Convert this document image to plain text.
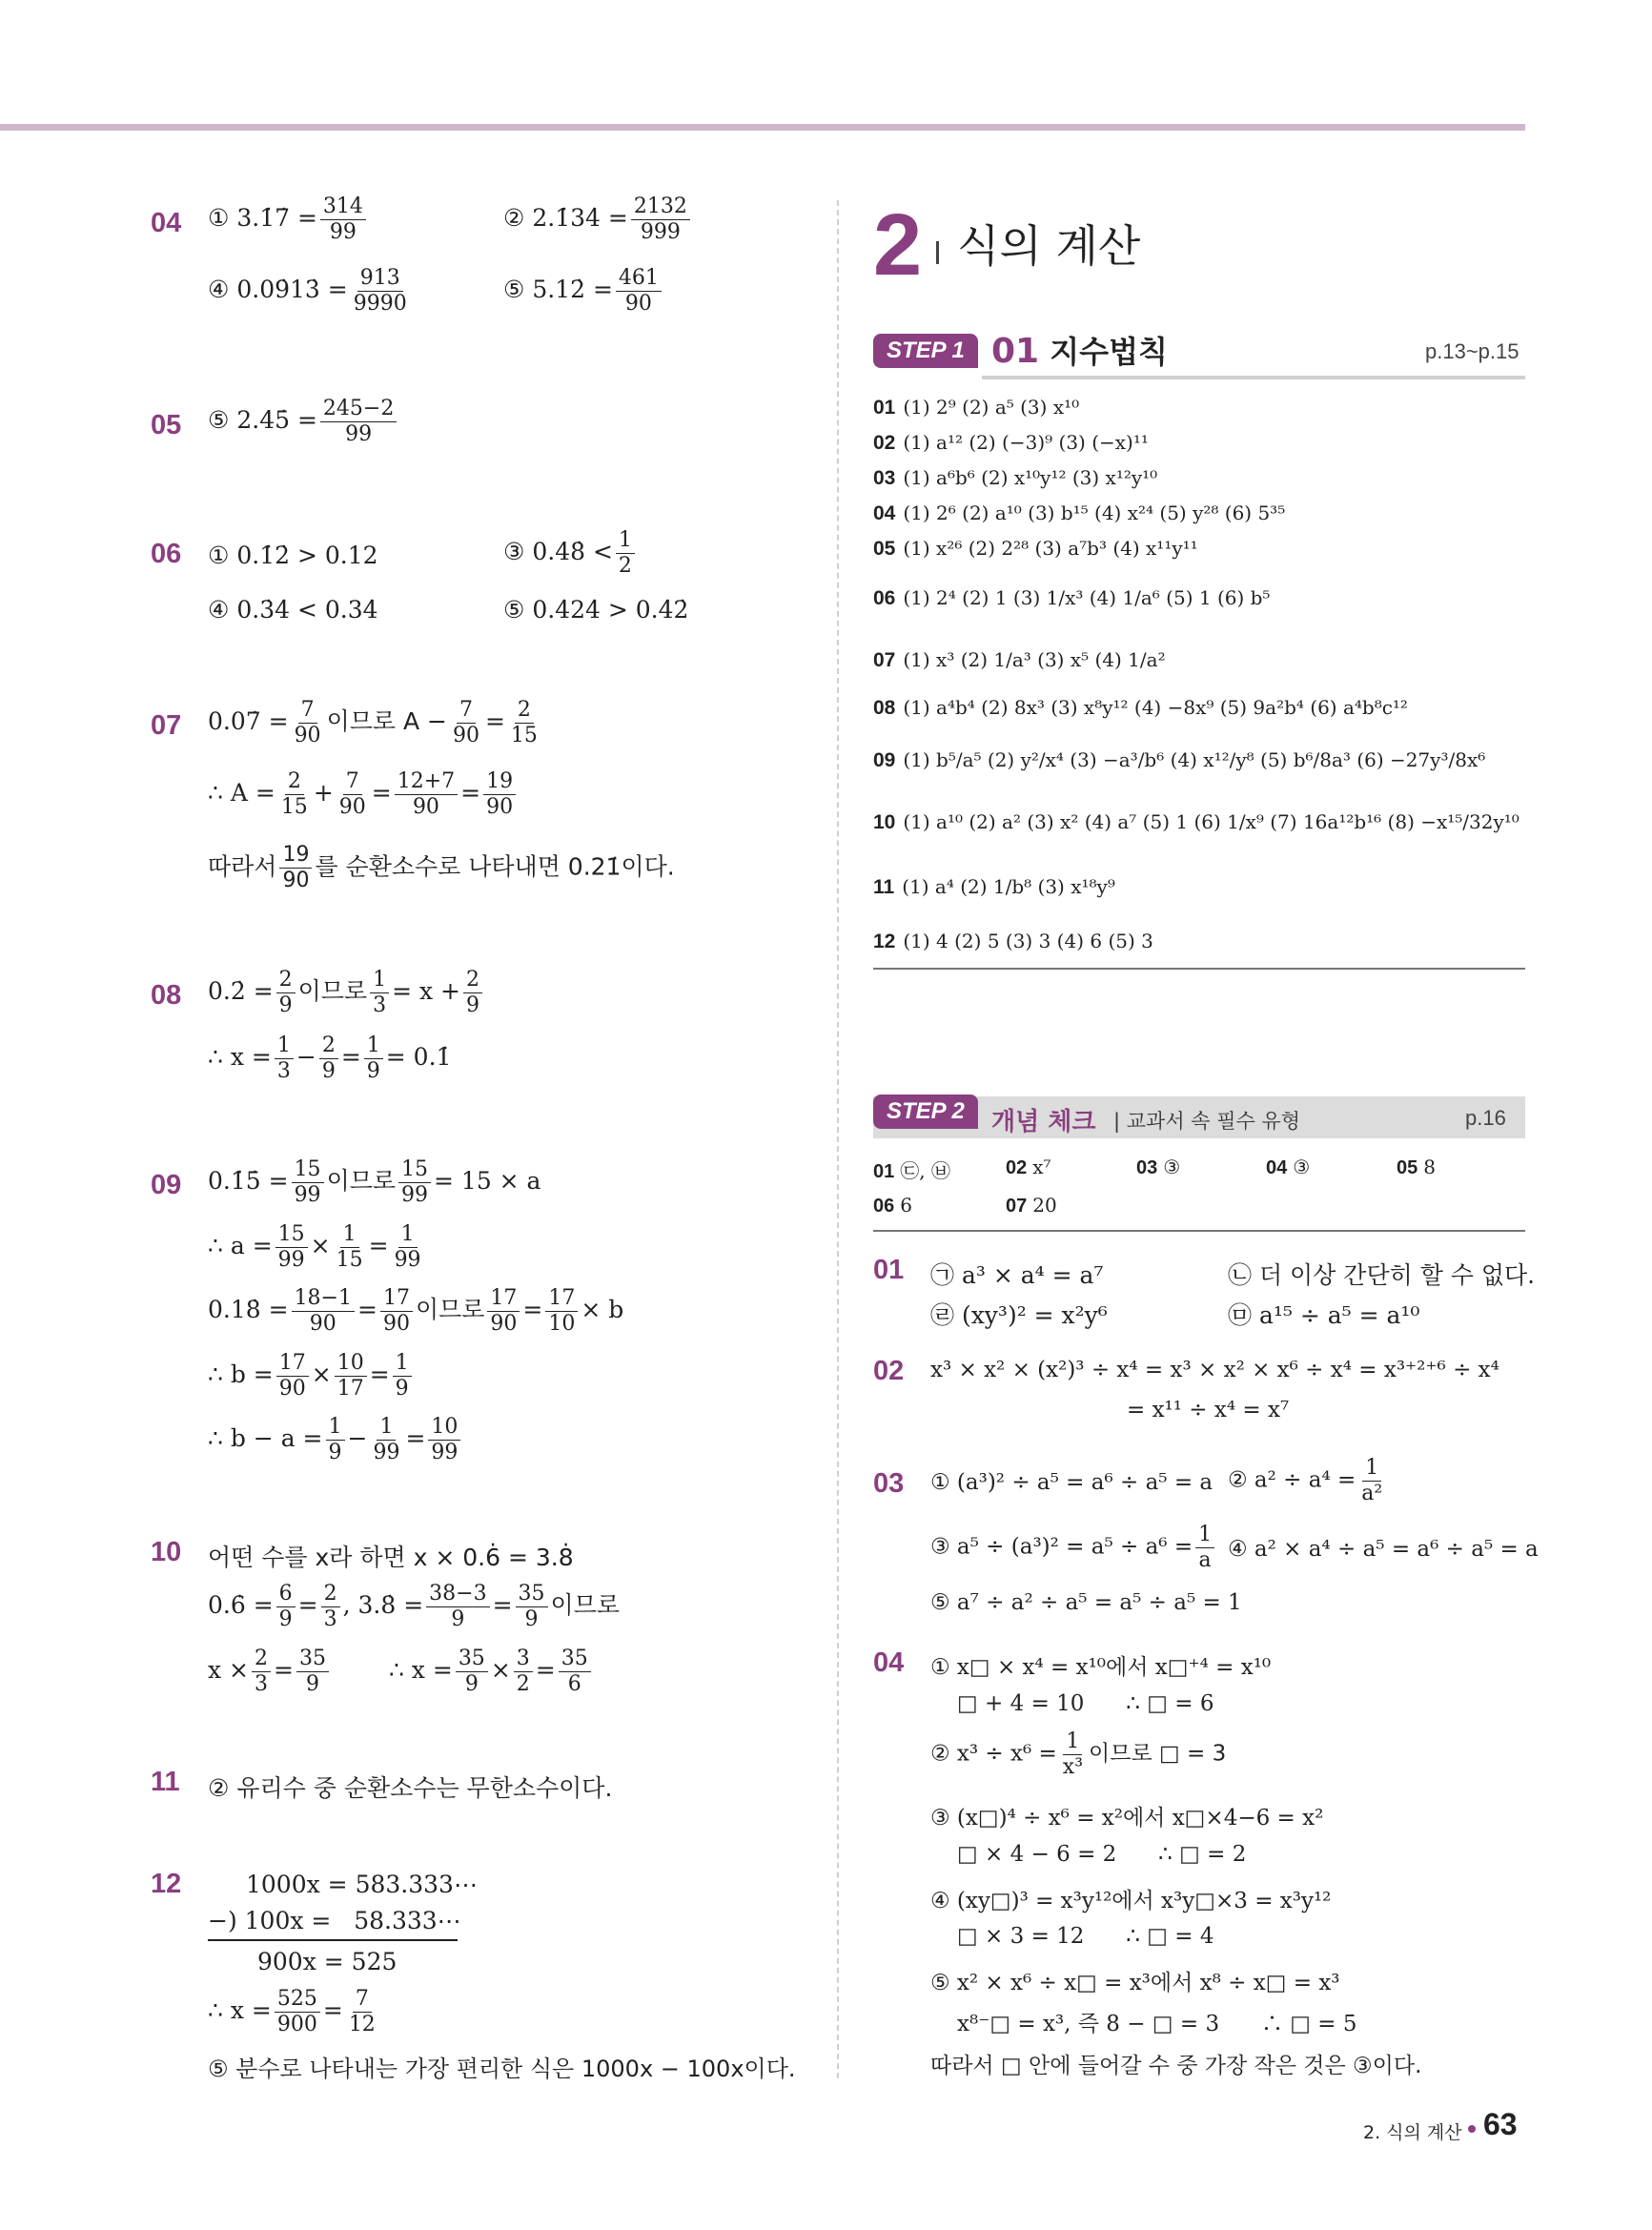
04 ① 3.1̇7̇ = $\frac{314}{99}$	② 2.1̇34̇ = $\frac{2132}{999}$
④ 0.09̇13̇ = $\frac{913}{9990}$	⑤ 5.12̇ = $\frac{461}{90}$
05 ⑤ 2.45̇ = $\frac{245-2}{99}$
06 ① 0.1̇2̇ > 0.12	③ 0.48̇ < $\frac{1}{2}$
④ 0.3̇4̇ < 0.34̇	⑤ 0.4̇24̇ > 0.4̇2̇
07 0.07̇ = $\frac{7}{90}$ 이므로 $A - \frac{7}{90} = \frac{2}{15}$
∴ $A = \frac{2}{15} + \frac{7}{90} = \frac{12+7}{90} = \frac{19}{90}$
따라서 $\frac{19}{90}$ 를 순환소수로 나타내면 0.21̇이다.
08 0.2̇ = $\frac{2}{9}$ 이므로 $\frac{1}{3} = x + \frac{2}{9}$
∴ $x = \frac{1}{3} - \frac{2}{9} = \frac{1}{9}$ = 0.1̇
09 0.1̇5̇ = $\frac{15}{99}$ 이므로 $\frac{15}{99} = 15 \times a$
∴ $a = \frac{15}{99} \times \frac{1}{15} = \frac{1}{99}$
0.18̇ = $\frac{18-1}{90} = \frac{17}{90}$ 이므로 $\frac{17}{90} = \frac{17}{10} \times b$
∴ $b = \frac{17}{90} \times \frac{10}{17} = \frac{1}{9}$
∴ $b - a = \frac{1}{9} - \frac{1}{99} = \frac{10}{99}$
10 어떤 수를 x라 하면 x × 0.6̇ = 3.8̇
0.6̇ = $\frac{6}{9} = \frac{2}{3}$ , 3.8̇ = $\frac{38-3}{9} = \frac{35}{9}$ 이므로
$x \times \frac{2}{3} = \frac{35}{9}$	∴ $x = \frac{35}{9} \times \frac{3}{2} = \frac{35}{6}$
11 ② 유리수 중 순환소수는 무한소수이다.
12	1000x = 583.333⋯
−) 100x =   58.333⋯
900x = 525
∴ $x = \frac{525}{900} = \frac{7}{12}$
⑤ 분수로 나타내는 가장 편리한 식은 1000x − 100x이다.
2 식의 계산
STEP 1 01 지수법칙	p.13~p.15
01 (1) 2⁹ (2) a⁵ (3) x¹⁰
02 (1) a¹² (2) (−3)⁹ (3) (−x)¹¹
03 (1) a⁶b⁶ (2) x¹⁰y¹² (3) x¹²y¹⁰
04 (1) 2⁶ (2) a¹⁰ (3) b¹⁵ (4) x²⁴ (5) y²⁸ (6) 5³⁵
05 (1) x²⁶ (2) 2²⁸ (3) a⁷b³ (4) x¹¹y¹¹
06 (1) 2⁴ (2) 1 (3) 1/x³ (4) 1/a⁶ (5) 1 (6) b⁵
07 (1) x³ (2) 1/a³ (3) x⁵ (4) 1/a²
08 (1) a⁴b⁴ (2) 8x³ (3) x⁸y¹² (4) −8x⁹ (5) 9a²b⁴ (6) a⁴b⁸c¹²
09 (1) b⁵/a⁵ (2) y²/x⁴ (3) −a³/b⁶ (4) x¹²/y⁸ (5) b⁶/8a³ (6) −27y³/8x⁶
10 (1) a¹⁰ (2) a² (3) x² (4) a⁷ (5) 1 (6) 1/x⁹ (7) 16a¹²b¹⁶ (8) −x¹⁵/32y¹⁰
11 (1) a⁴ (2) 1/b⁸ (3) x¹⁸y⁹
12 (1) 4 (2) 5 (3) 3 (4) 6 (5) 3
STEP 2	개념 체크 | 교과서 속 필수 유형	p.16
01 ㉢, ㉥	02 x⁷	03 ③	04 ③	05 8
06 6	07 20
01 ㉠ a³ × a⁴ = a⁷	㉡ 더 이상 간단히 할 수 없다.
㉣ (xy³)² = x²y⁶	㉤ a¹⁵ ÷ a⁵ = a¹⁰
02 x³ × x² × (x²)³ ÷ x⁴ = x³ × x² × x⁶ ÷ x⁴ = x³⁺²⁺⁶ ÷ x⁴
= x¹¹ ÷ x⁴ = x⁷
03 ① (a³)² ÷ a⁵ = a⁶ ÷ a⁵ = a ② $a^2 \div a^4 = \frac{1}{\text{a²}}$
③ $a^5 \div (a^3)^2 = a^5 \div a^6 = \frac{1}{a}$ ④ a² × a⁴ ÷ a⁵ = a⁶ ÷ a⁵ = a
⑤ a⁷ ÷ a² ÷ a⁵ = a⁵ ÷ a⁵ = 1
04 ① x□ × x⁴ = x¹⁰에서 x□⁺⁴ = x¹⁰
□ + 4 = 10      ∴ □ = 6
② $x^3 \div x^6 = \frac{1}{\text{x³}}$ 이므로 □ = 3
③ (x□)⁴ ÷ x⁶ = x²에서 x□×4−6 = x²
□ × 4 − 6 = 2      ∴ □ = 2
④ (xy□)³ = x³y¹²에서 x³y□×3 = x³y¹²
□ × 3 = 12      ∴ □ = 4
⑤ x² × x⁶ ÷ x□ = x³에서 x⁸ ÷ x□ = x³
x⁸⁻□ = x³, 즉 8 − □ = 3      ∴ □ = 5
따라서 □ 안에 들어갈 수 중 가장 작은 것은 ③이다.
2. 식의 계산 63
